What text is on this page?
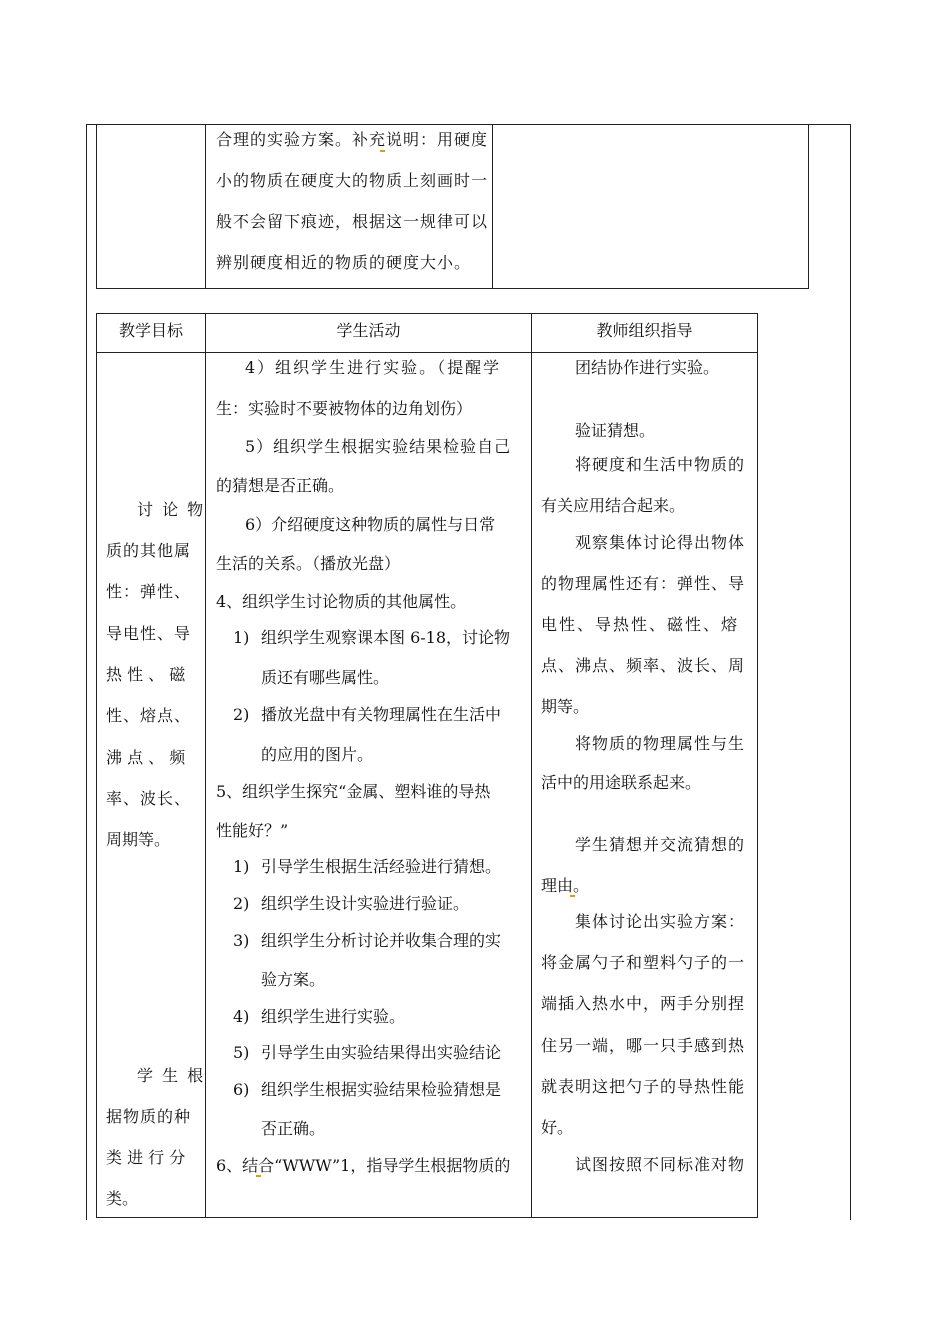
合理的实验方案。补充说明：用硬度
小的物质在硬度大的物质上刻画时一
般不会留下痕迹，根据这一规律可以
辨别硬度相近的物质的硬度大小。
教学目标	学生活动	教师组织指导
讨 论 物
质的其他属
性：弹性、
导电性、导
热 性 、 磁
性、熔点、
沸 点 、 频
率、波长、
周期等。
学 生 根
据物质的种
类 进 行 分
类。
4）组织学生进行实验。（提醒学
生：实验时不要被物体的边角划伤）
5）组织学生根据实验结果检验自己
的猜想是否正确。
6）介绍硬度这种物质的属性与日常
生活的关系。（播放光盘）
4、组织学生讨论物质的其他属性。
1) 组织学生观察课本图 6-18，讨论物
质还有哪些属性。
2) 播放光盘中有关物理属性在生活中
的应用的图片。
5、组织学生探究“金属、塑料谁的导热
性能好？”
1) 引导学生根据生活经验进行猜想。
2) 组织学生设计实验进行验证。
3) 组织学生分析讨论并收集合理的实
验方案。
4) 组织学生进行实验。
5) 引导学生由实验结果得出实验结论
6) 组织学生根据实验结果检验猜想是
否正确。
6、结合“WWW”1，指导学生根据物质的
团结协作进行实验。
验证猜想。
将硬度和生活中物质的
有关应用结合起来。
观察集体讨论得出物体
的物理属性还有：弹性、导
电性、导热性、磁性、熔
点、沸点、频率、波长、周
期等。
将物质的物理属性与生
活中的用途联系起来。
学生猜想并交流猜想的
理由。
集体讨论出实验方案：
将金属勺子和塑料勺子的一
端插入热水中，两手分别捏
住另一端，哪一只手感到热
就表明这把勺子的导热性能
好。
试图按照不同标准对物
